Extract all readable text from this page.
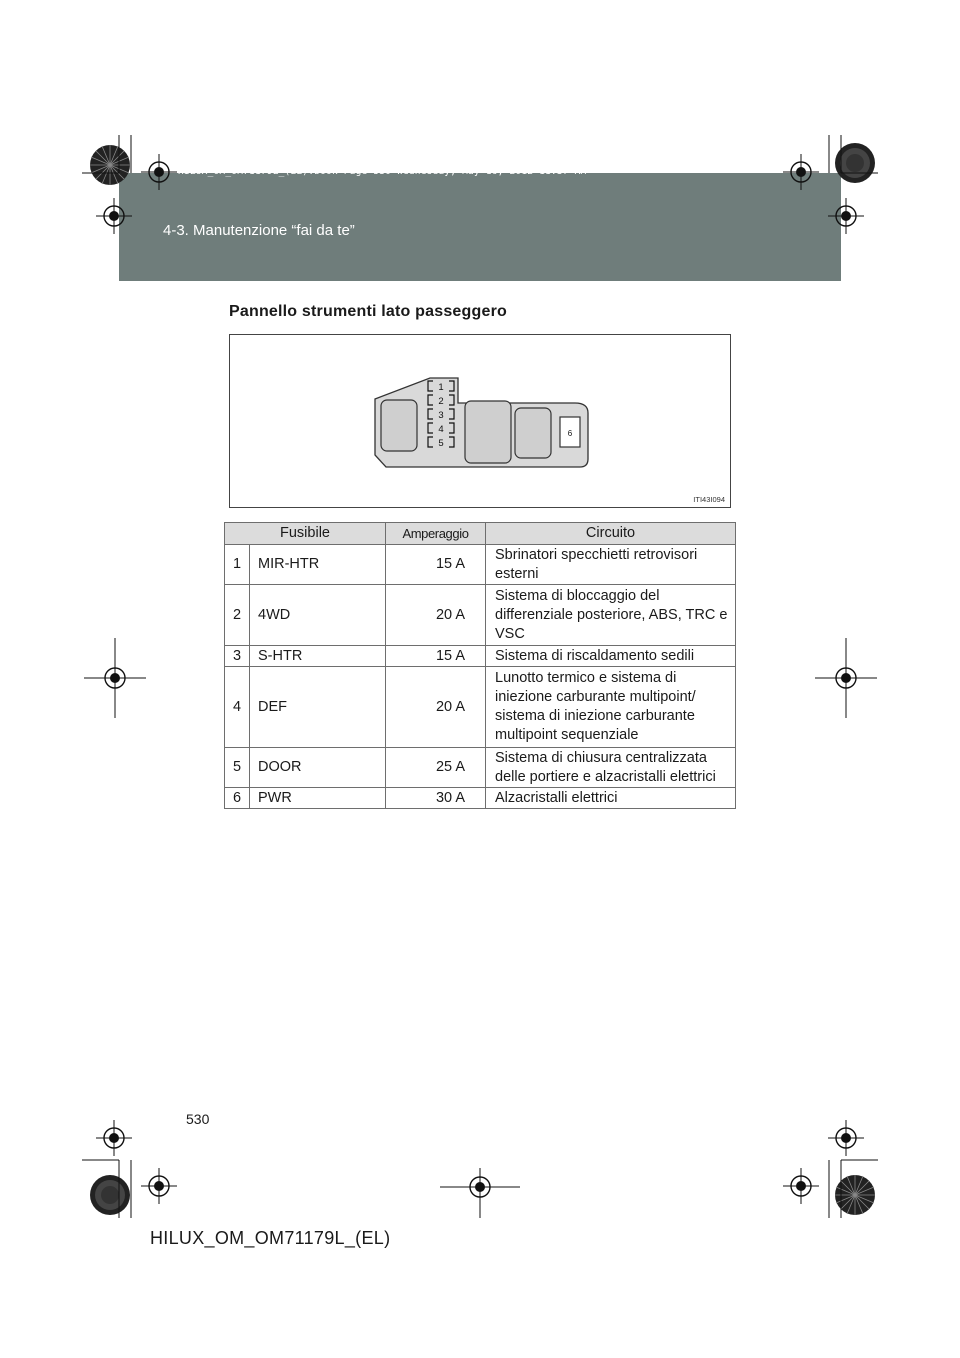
HILUX_OM_OM71179L_(EL).book Page 530 Wednesday, May 16, 2012 11:37 AM
4-3. Manutenzione “fai da te”
Pannello strumenti lato passeggero
1
2
3
4
5
6
ITI43I094
Fusibile		Amperaggio	Circuito
1	MIR-HTR	15 A	Sbrinatori specchietti retrovisori esterni
2	4WD	20 A	Sistema di bloccaggio del differenziale posteriore, ABS, TRC e VSC
3	S-HTR	15 A	Sistema di riscaldamento sedili
4	DEF	20 A	Lunotto termico e sistema di iniezione carburante multipoint/ sistema di iniezione carburante multipoint sequenziale
5	DOOR	25 A	Sistema di chiusura centralizzata delle portiere e alzacristalli elettrici
6	PWR	30 A	Alzacristalli elettrici
530
HILUX_OM_OM71179L_(EL)
